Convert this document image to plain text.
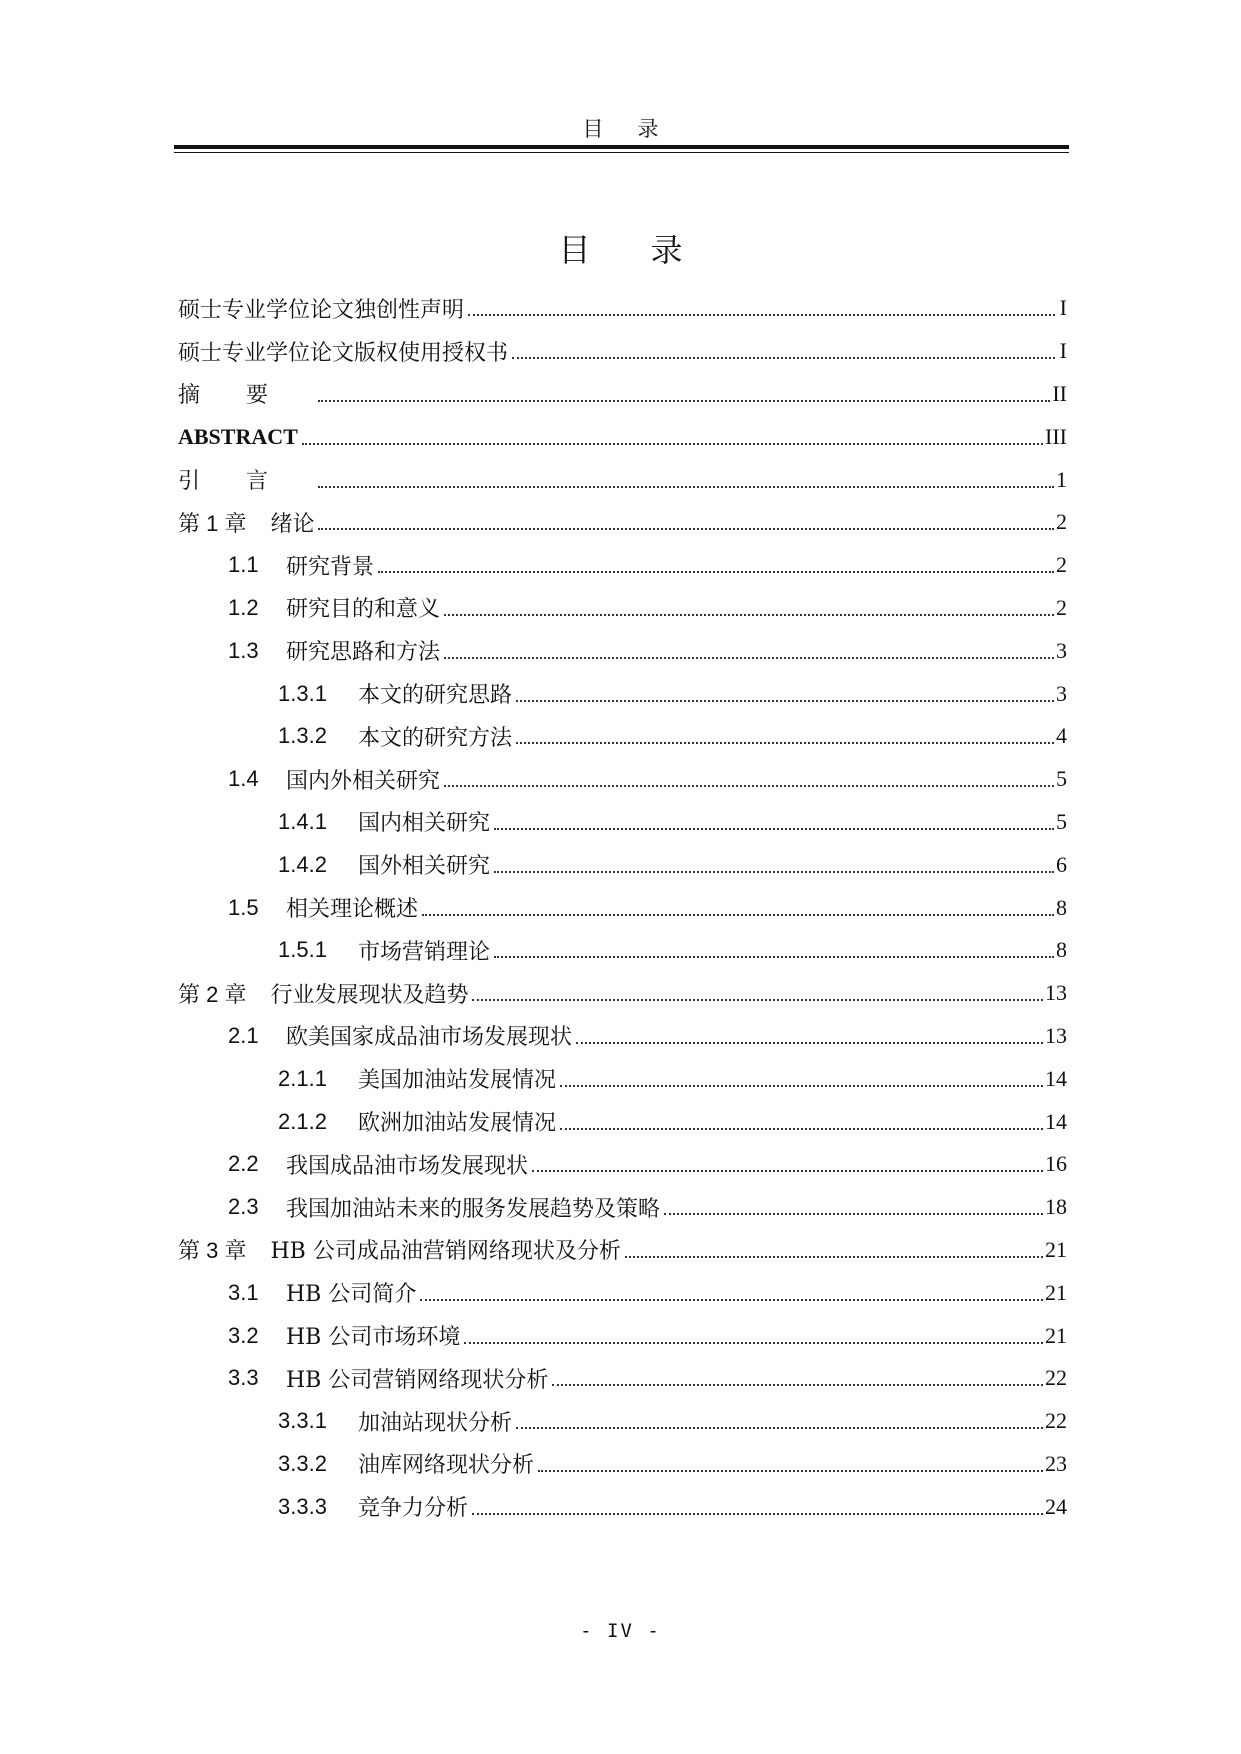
目录
目录
硕士专业学位论文独创性声明	I
硕士专业学位论文版权使用授权书	I
摘要	II
ABSTRACT	III
引言	1
第 1 章 绪论	2
1.1	研究背景	2
1.2	研究目的和意义	2
1.3	研究思路和方法	3
1.3.1	本文的研究思路	3
1.3.2	本文的研究方法	4
1.4	国内外相关研究	5
1.4.1	国内相关研究	5
1.4.2	国外相关研究	6
1.5	相关理论概述	8
1.5.1	市场营销理论	8
第 2 章 行业发展现状及趋势	13
2.1	欧美国家成品油市场发展现状	13
2.1.1	美国加油站发展情况	14
2.1.2	欧洲加油站发展情况	14
2.2	我国成品油市场发展现状	16
2.3	我国加油站未来的服务发展趋势及策略	18
第 3 章 HB 公司成品油营销网络现状及分析	21
3.1	HB 公司简介	21
3.2	HB 公司市场环境	21
3.3	HB 公司营销网络现状分析	22
3.3.1	加油站现状分析	22
3.3.2	油库网络现状分析	23
3.3.3	竞争力分析	24
- IV -
